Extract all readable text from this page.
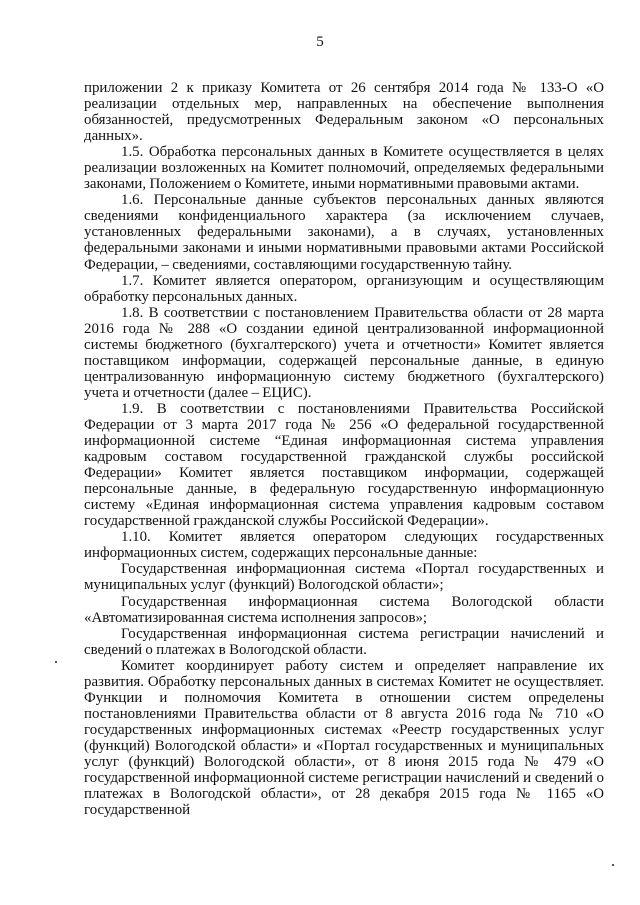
5

приложении 2 к приказу Комитета от 26 сентября 2014 года № 133-О «О реализации отдельных мер, направленных на обеспечение выполнения обязанностей, предусмотренных Федеральным законом «О персональных данных».

1.5. Обработка персональных данных в Комитете осуществляется в целях реализации возложенных на Комитет полномочий, определяемых федеральными законами, Положением о Комитете, иными нормативными правовыми актами.

1.6. Персональные данные субъектов персональных данных являются сведениями конфиденциального характера (за исключением случаев, установленных федеральными законами), а в случаях, установленных федеральными законами и иными нормативными правовыми актами Российской Федерации, – сведениями, составляющими государственную тайну.

1.7. Комитет является оператором, организующим и осуществляющим обработку персональных данных.

1.8. В соответствии с постановлением Правительства области от 28 марта 2016 года № 288 «О создании единой централизованной информационной системы бюджетного (бухгалтерского) учета и отчетности» Комитет является поставщиком информации, содержащей персональные данные, в единую централизованную информационную систему бюджетного (бухгалтерского) учета и отчетности (далее – ЕЦИС).

1.9. В соответствии с постановлениями Правительства Российской Федерации от 3 марта 2017 года № 256 «О федеральной государственной информационной системе “Единая информационная система управления кадровым составом государственной гражданской службы российской Федерации» Комитет является поставщиком информации, содержащей персональные данные, в федеральную государственную информационную систему «Единая информационная система управления кадровым составом государственной гражданской службы Российской Федерации».

1.10. Комитет является оператором следующих государственных информационных систем, содержащих персональные данные:

Государственная информационная система «Портал государственных и муниципальных услуг (функций) Вологодской области»;

Государственная информационная система Вологодской области «Автоматизированная система исполнения запросов»;

Государственная информационная система регистрации начислений и сведений о платежах в Вологодской области.

Комитет координирует работу систем и определяет направление их развития. Обработку персональных данных в системах Комитет не осуществляет. Функции и полномочия Комитета в отношении систем определены постановлениями Правительства области от 8 августа 2016 года № 710 «О государственных информационных системах «Реестр государственных услуг (функций) Вологодской области» и «Портал государственных и муниципальных услуг (функций) Вологодской области», от 8 июня 2015 года № 479 «О государственной информационной системе регистрации начислений и сведений о платежах в Вологодской области», от 28 декабря 2015 года № 1165 «О государственной
